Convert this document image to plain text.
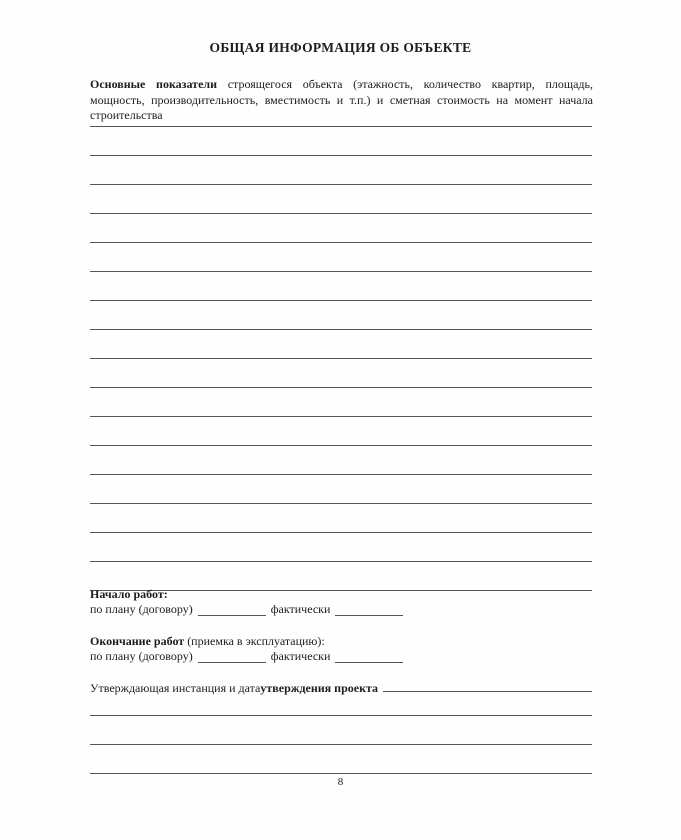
ОБЩАЯ ИНФОРМАЦИЯ ОБ ОБЪЕКТЕ

Основные показатели строящегося объекта (этажность, количество квартир, площадь, мощность, производительность, вместимость и т.п.) и сметная стоимость на момент начала строительства

Начало работ:
по плану (договору)	фактически
Окончание работ (приемка в эксплуатацию):
по плану (договору)	фактически
Утверждающая инстанция и дата утверждения проекта
8
